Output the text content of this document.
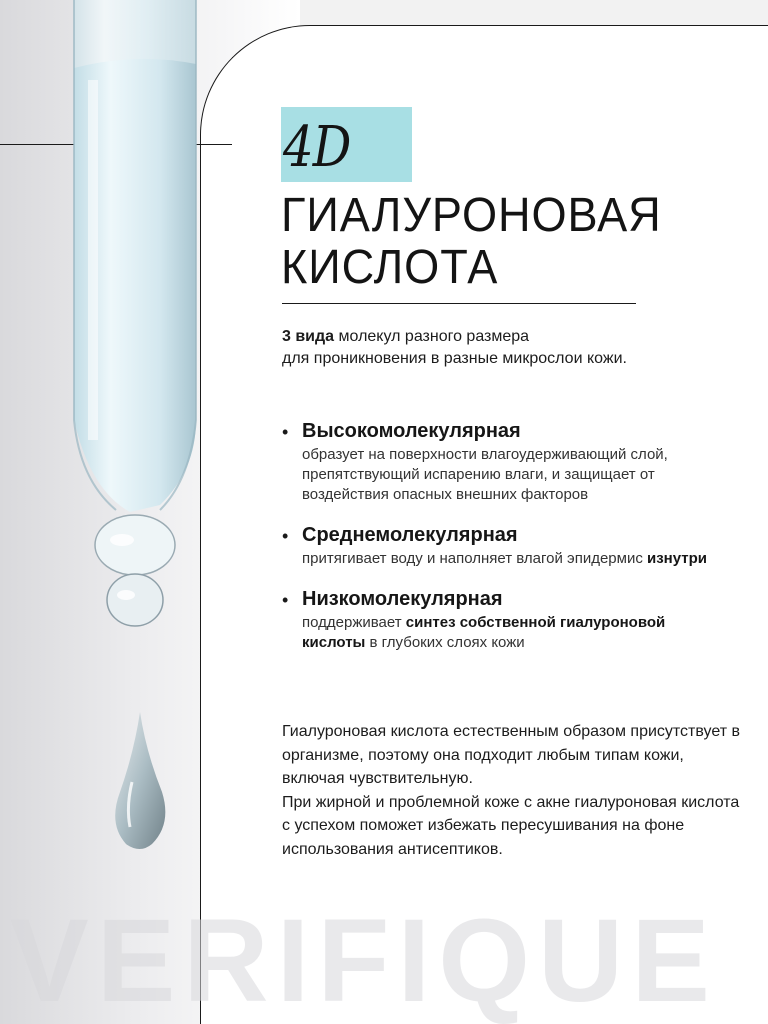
4D
ГИАЛУРОНОВАЯ
КИСЛОТА
3 вида молекул разного размера
для проникновения в разные микрослои кожи.
• Высокомолекулярная
образует на поверхности влагоудерживающий слой, препятствующий испарению влаги, и защищает от воздействия опасных внешних факторов
• Среднемолекулярная
притягивает воду и наполняет влагой эпидермис изнутри
• Низкомолекулярная
поддерживает синтез собственной гиалуроновой кислоты в глубоких слоях кожи

Гиалуроновая кислота естественным образом присутствует в организме, поэтому она подходит любым типам кожи, включая чувствительную.

При жирной и проблемной коже с акне гиалуроновая кислота с успехом поможет избежать пересушивания на фоне использования антисептиков.

VERIFIQUE
